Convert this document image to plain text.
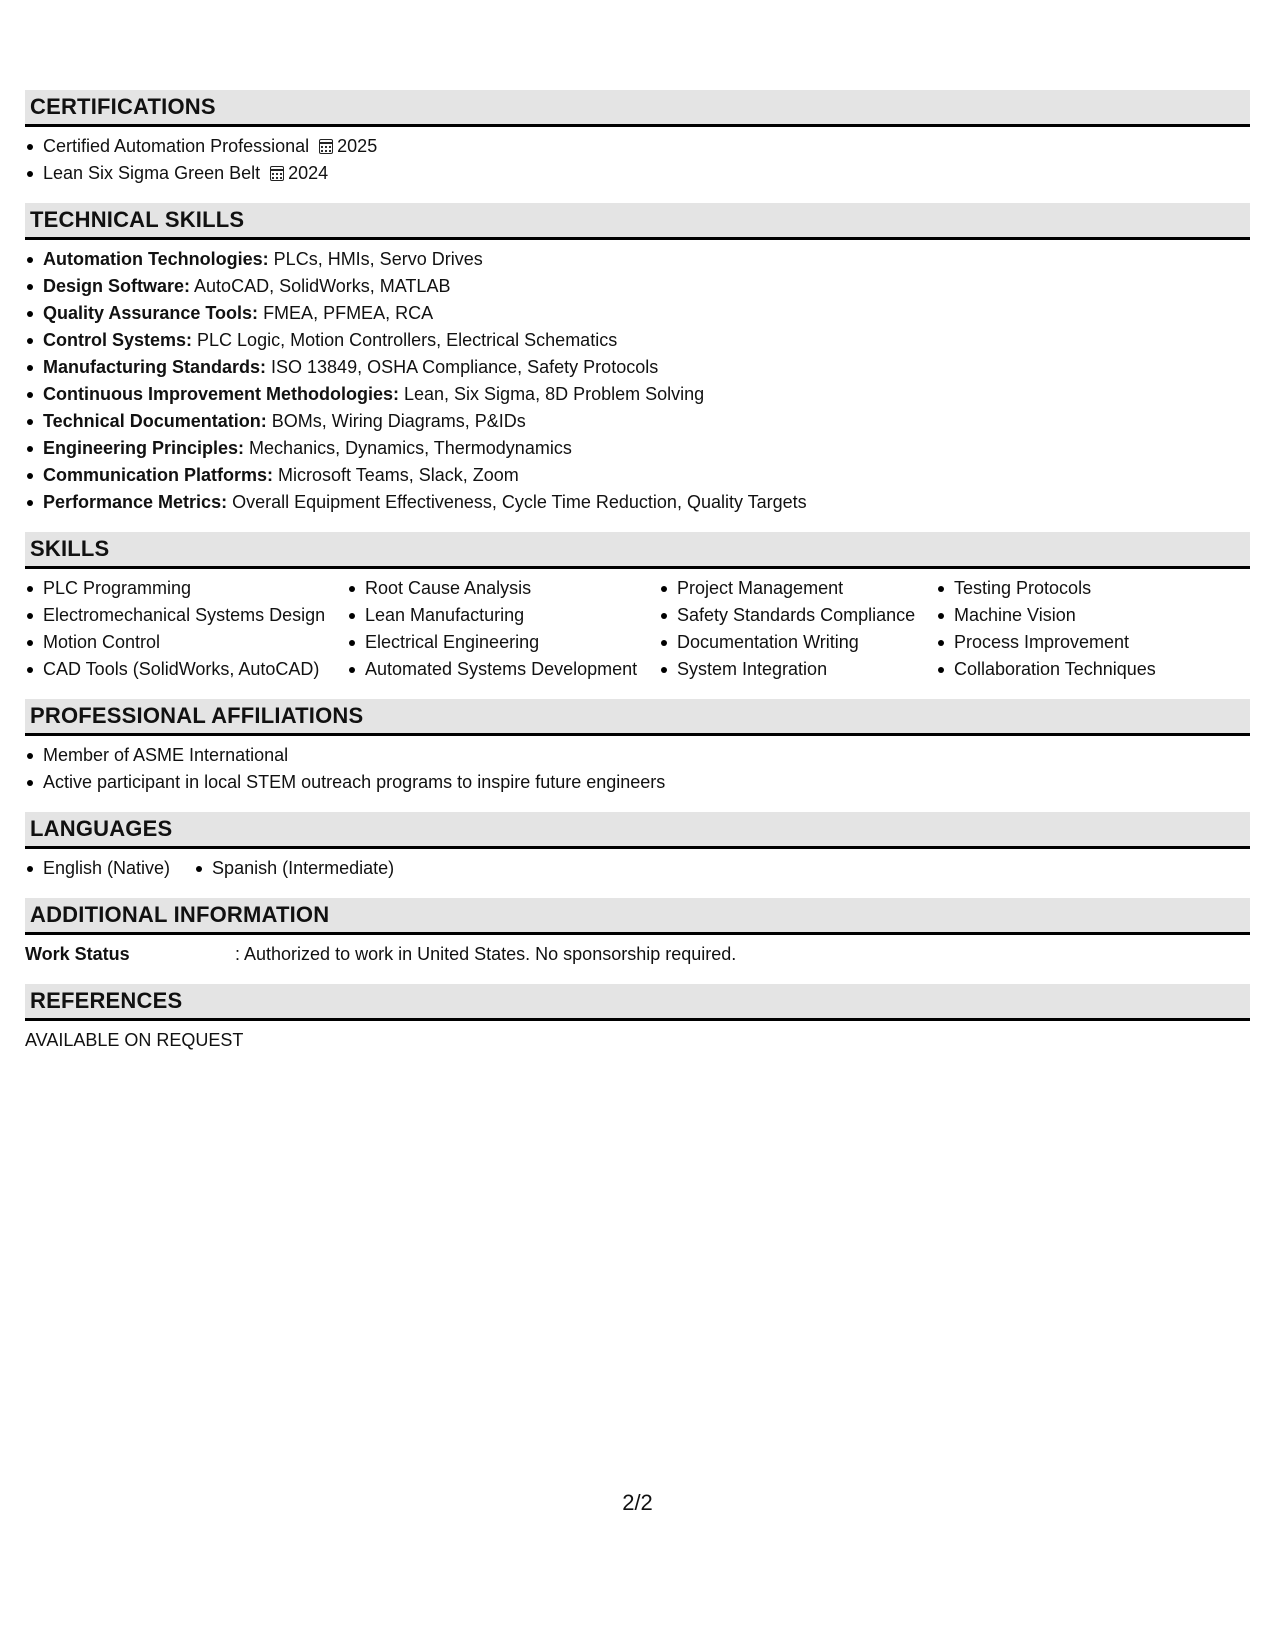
CERTIFICATIONS
Certified Automation Professional 2025
Lean Six Sigma Green Belt 2024
TECHNICAL SKILLS
Automation Technologies: PLCs, HMIs, Servo Drives
Design Software: AutoCAD, SolidWorks, MATLAB
Quality Assurance Tools: FMEA, PFMEA, RCA
Control Systems: PLC Logic, Motion Controllers, Electrical Schematics
Manufacturing Standards: ISO 13849, OSHA Compliance, Safety Protocols
Continuous Improvement Methodologies: Lean, Six Sigma, 8D Problem Solving
Technical Documentation: BOMs, Wiring Diagrams, P&IDs
Engineering Principles: Mechanics, Dynamics, Thermodynamics
Communication Platforms: Microsoft Teams, Slack, Zoom
Performance Metrics: Overall Equipment Effectiveness, Cycle Time Reduction, Quality Targets
SKILLS
PLC Programming
Electromechanical Systems Design
Motion Control
CAD Tools (SolidWorks, AutoCAD)
Root Cause Analysis
Lean Manufacturing
Electrical Engineering
Automated Systems Development
Project Management
Safety Standards Compliance
Documentation Writing
System Integration
Testing Protocols
Machine Vision
Process Improvement
Collaboration Techniques
PROFESSIONAL AFFILIATIONS
Member of ASME International
Active participant in local STEM outreach programs to inspire future engineers
LANGUAGES
English (Native)	Spanish (Intermediate)
ADDITIONAL INFORMATION
Work Status	: Authorized to work in United States. No sponsorship required.
REFERENCES
AVAILABLE ON REQUEST
2/2
